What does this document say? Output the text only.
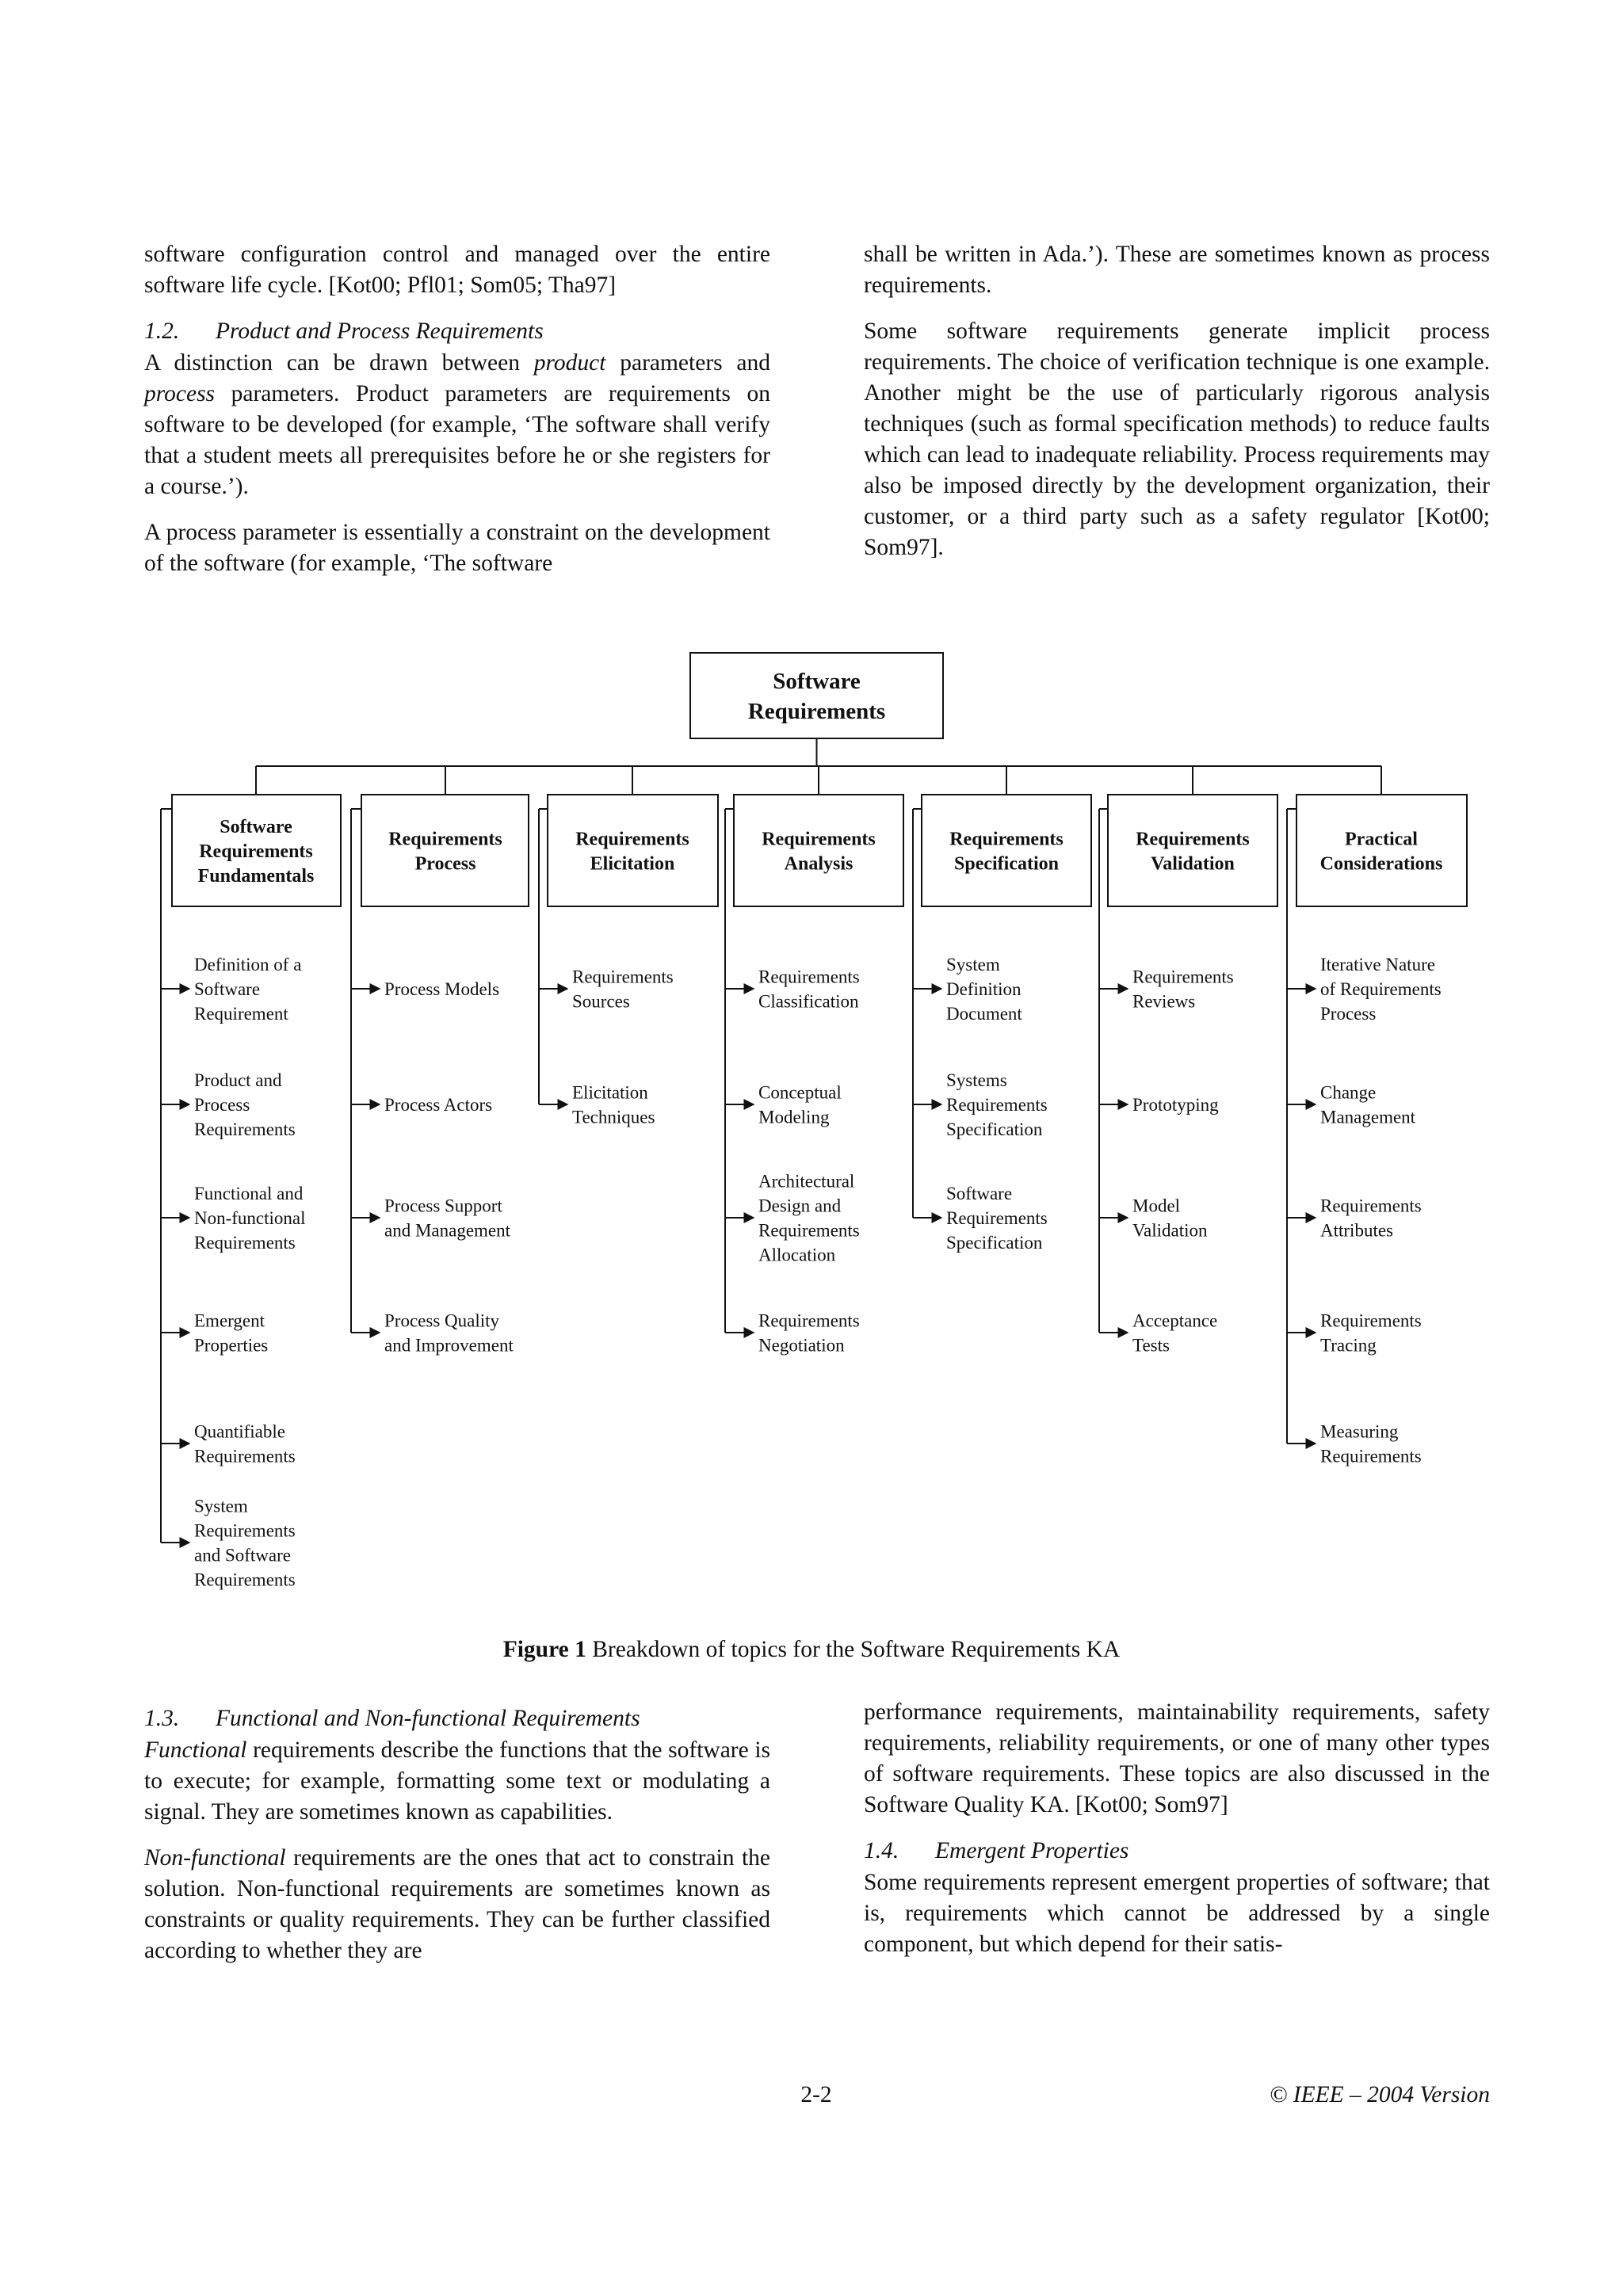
software configuration control and managed over the entire software life cycle. [Kot00; Pfl01; Som05; Tha97]

1.2. Product and Process Requirements

A distinction can be drawn between product parameters and process parameters. Product parameters are requirements on software to be developed (for example, ‘The software shall verify that a student meets all prerequisites before he or she registers for a course.’).

A process parameter is essentially a constraint on the development of the software (for example, ‘The software

shall be written in Ada.’). These are sometimes known as process requirements.

Some software requirements generate implicit process requirements. The choice of verification technique is one example. Another might be the use of particularly rigorous analysis techniques (such as formal specification methods) to reduce faults which can lead to inadequate reliability. Process requirements may also be imposed directly by the development organization, their customer, or a third party such as a safety regulator [Kot00; Som97].

Software Requirements
Software Requirements Fundamentals
Definition of a Software Requirement
Product and Process Requirements
Functional and Non-functional Requirements
Emergent Properties
Quantifiable Requirements
System Requirements and Software Requirements
Requirements Process
Process Models
Process Actors
Process Support and Management
Process Quality and Improvement
Requirements Elicitation
Requirements Sources
Elicitation Techniques
Requirements Analysis
Requirements Classification
Conceptual Modeling
Architectural Design and Requirements Allocation
Requirements Negotiation
Requirements Specification
System Definition Document
Systems Requirements Specification
Software Requirements Specification
Requirements Validation
Requirements Reviews
Prototyping
Model Validation
Acceptance Tests
Practical Considerations
Iterative Nature of Requirements Process
Change Management
Requirements Attributes
Requirements Tracing
Measuring Requirements
Figure 1 Breakdown of topics for the Software Requirements KA
1.3. Functional and Non-functional Requirements

Functional requirements describe the functions that the software is to execute; for example, formatting some text or modulating a signal. They are sometimes known as capabilities.

Non-functional requirements are the ones that act to constrain the solution. Non-functional requirements are sometimes known as constraints or quality requirements. They can be further classified according to whether they are

performance requirements, maintainability requirements, safety requirements, reliability requirements, or one of many other types of software requirements. These topics are also discussed in the Software Quality KA. [Kot00; Som97]

1.4. Emergent Properties

Some requirements represent emergent properties of software; that is, requirements which cannot be addressed by a single component, but which depend for their satis-

2-2	© IEEE – 2004 Version
